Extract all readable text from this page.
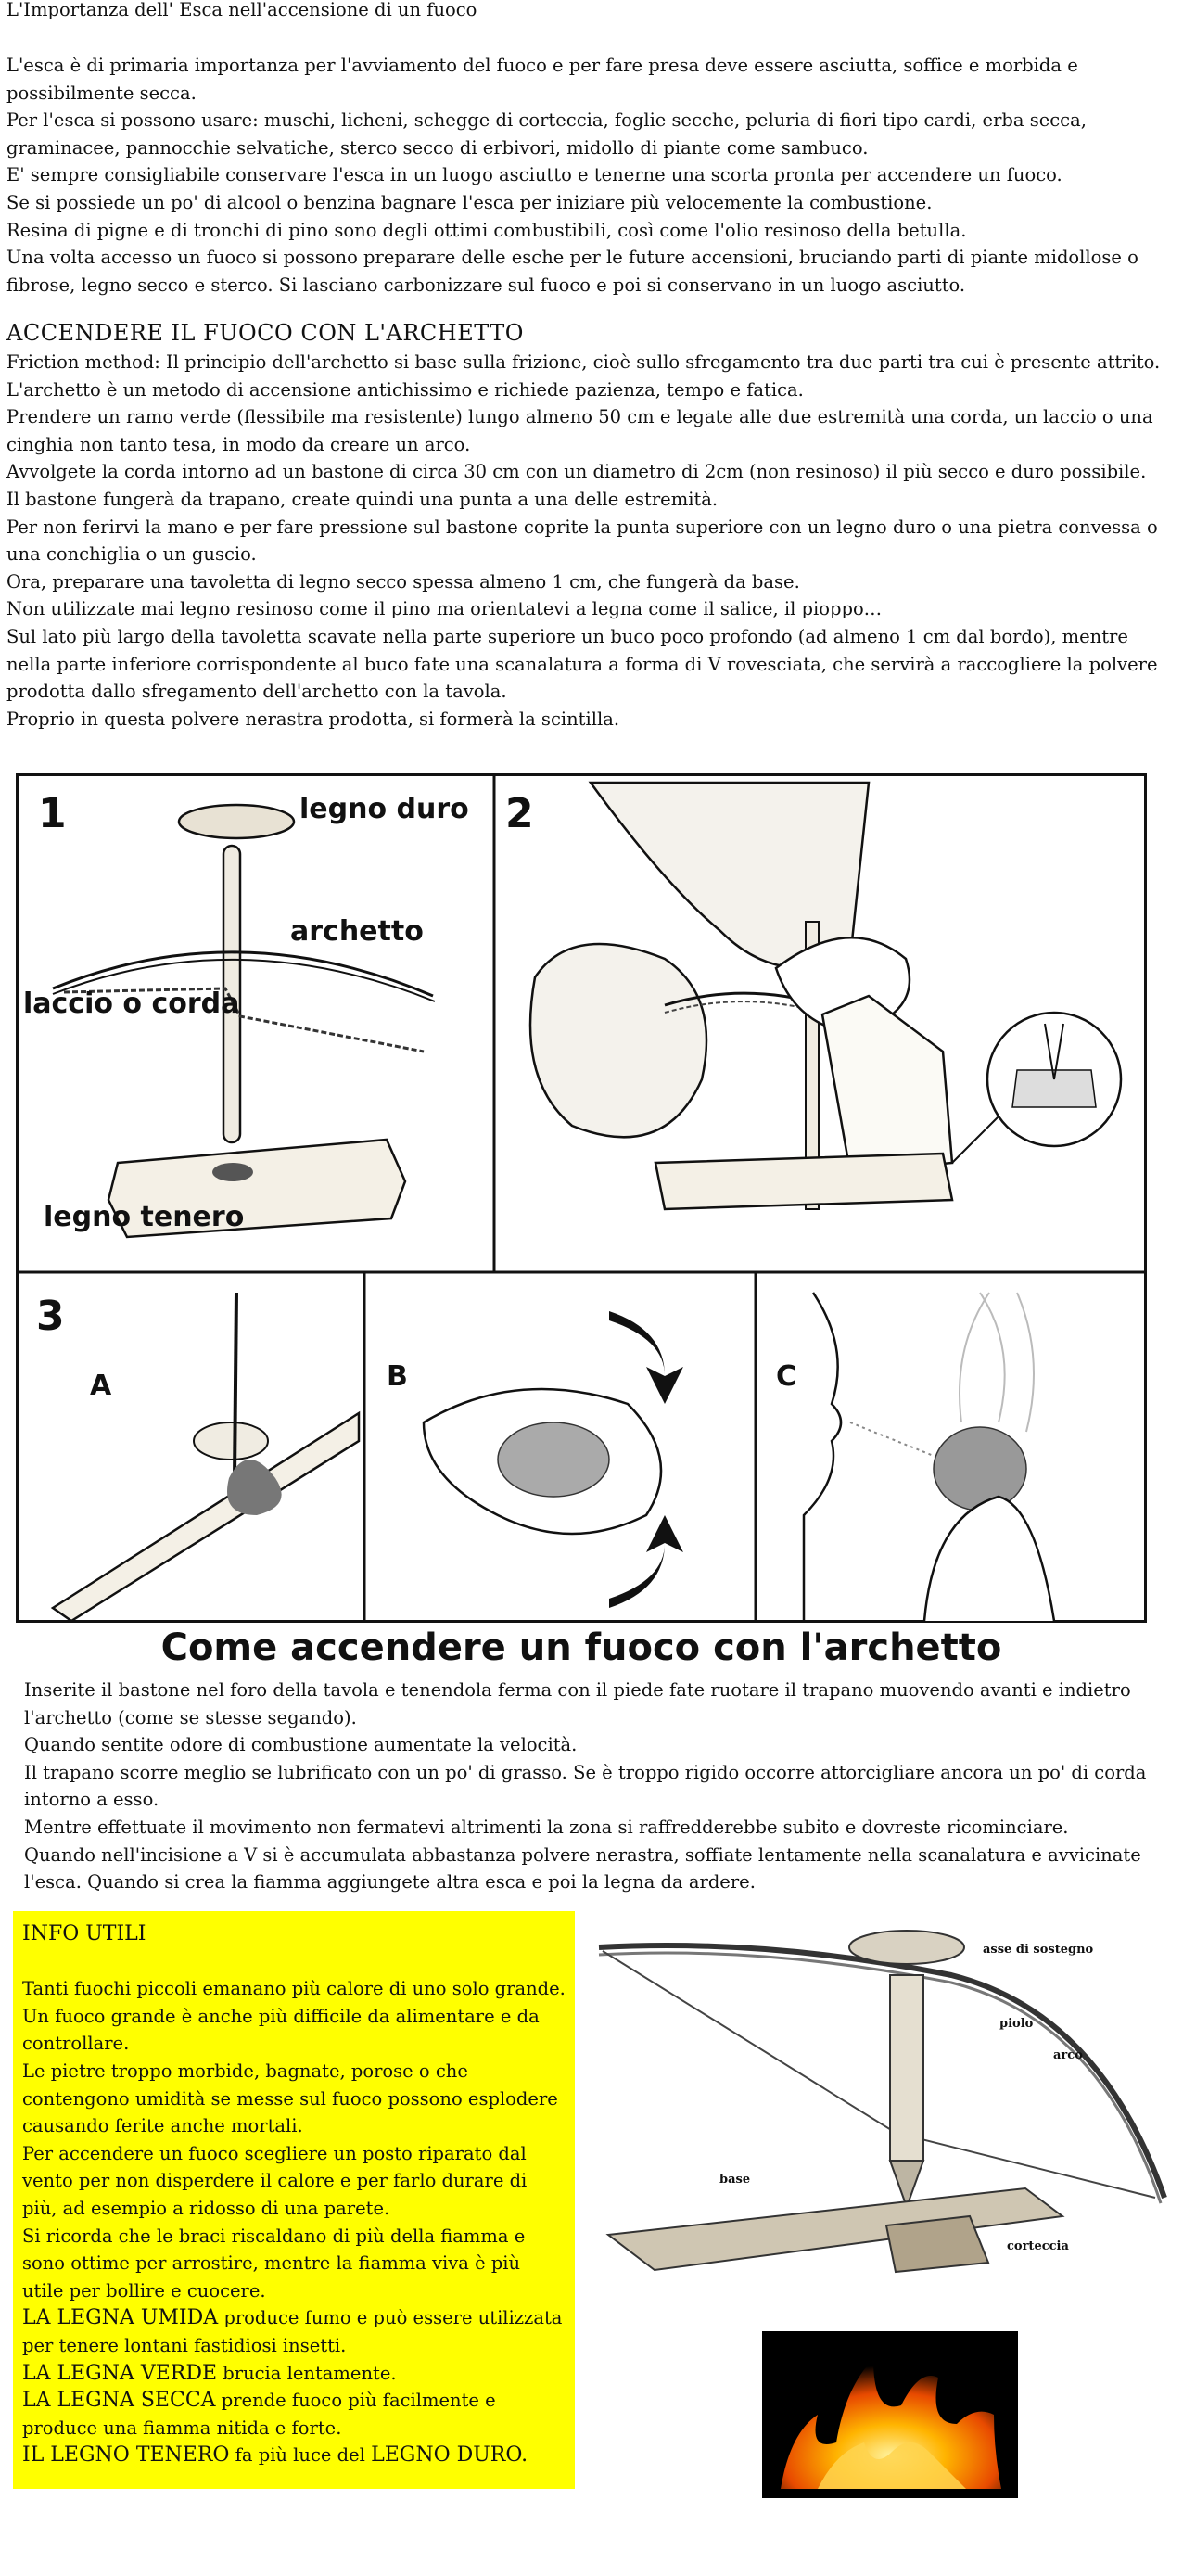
L'Importanza dell' Esca nell'accensione di un fuoco

L'esca è di primaria importanza per l'avviamento del fuoco e per fare presa deve essere asciutta, soffice e morbida e possibilmente secca.

Per l'esca si possono usare: muschi, licheni, schegge di corteccia, foglie secche, peluria di fiori tipo cardi, erba secca, graminacee, pannocchie selvatiche, sterco secco di erbivori, midollo di piante come sambuco.

E' sempre consigliabile conservare l'esca in un luogo asciutto e tenerne una scorta pronta per accendere un fuoco.

Se si possiede un po' di alcool o benzina bagnare l'esca per iniziare più velocemente la combustione.

Resina di pigne e di tronchi di pino sono degli ottimi combustibili, così come l'olio resinoso della betulla.

Una volta accesso un fuoco si possono preparare delle esche per le future accensioni, bruciando parti di piante midollose o fibrose, legno secco e sterco. Si lasciano carbonizzare sul fuoco e poi si conservano in un luogo asciutto.

ACCENDERE IL FUOCO CON L'ARCHETTO

Friction method: Il principio dell'archetto si base sulla frizione, cioè sullo sfregamento tra due parti tra cui è presente attrito.

L'archetto è un metodo di accensione antichissimo e richiede pazienza, tempo e fatica.

Prendere un ramo verde (flessibile ma resistente) lungo almeno 50 cm e legate alle due estremità una corda, un laccio o una cinghia non tanto tesa, in modo da creare un arco.

Avvolgete la corda intorno ad un bastone di circa 30 cm con un diametro di 2cm (non resinoso) il più secco e duro possibile.

Il bastone fungerà da trapano, create quindi una punta a una delle estremità.

Per non ferirvi la mano e per fare pressione sul bastone coprite la punta superiore con un legno duro o una pietra convessa o una conchiglia o un guscio.

Ora, preparare una tavoletta di legno secco spessa almeno 1 cm, che fungerà da base.

Non utilizzate mai legno resinoso come il pino ma orientatevi a legna come il salice, il pioppo…

Sul lato più largo della tavoletta scavate nella parte superiore un buco poco profondo (ad almeno 1 cm dal bordo), mentre nella parte inferiore corrispondente al buco fate una scanalatura a forma di V rovesciata, che servirà a raccogliere la polvere prodotta dallo sfregamento dell'archetto con la tavola.

Proprio in questa polvere nerastra prodotta, si formerà la scintilla.

1	legno duro
archetto
laccio o corda
legno tenero
2
3
A	B	C

Come accendere un fuoco con l'archetto

Inserite il bastone nel foro della tavola e tenendola ferma con il piede fate ruotare il trapano muovendo avanti e indietro l'archetto (come se stesse segando).

Quando sentite odore di combustione aumentate la velocità.

Il trapano scorre meglio se lubrificato con un po' di grasso. Se è troppo rigido occorre attorcigliare ancora un po' di corda intorno a esso.

Mentre effettuate il movimento non fermatevi altrimenti la zona si raffredderebbe subito e dovreste ricominciare.

Quando nell'incisione a V si è accumulata abbastanza polvere nerastra, soffiate lentamente nella scanalatura e avvicinate l'esca. Quando si crea la fiamma aggiungete altra esca e poi la legna da ardere.

INFO UTILI

Tanti fuochi piccoli emanano più calore di uno solo grande.

Un fuoco grande è anche più difficile da alimentare e da controllare.

Le pietre troppo morbide, bagnate, porose o che contengono umidità se messe sul fuoco possono esplodere causando ferite anche mortali.

Per accendere un fuoco scegliere un posto riparato dal vento per non disperdere il calore e per farlo durare di più, ad esempio a ridosso di una parete.

Si ricorda che le braci riscaldano di più della fiamma e sono ottime per arrostire, mentre la fiamma viva è più utile per bollire e cuocere.

LA LEGNA UMIDA produce fumo e può essere utilizzata per tenere lontani fastidiosi insetti.

LA LEGNA VERDE brucia lentamente.

LA LEGNA SECCA prende fuoco più facilmente e produce una fiamma nitida e forte.

IL LEGNO TENERO fa più luce del LEGNO DURO.

asse di sostegno
piolo
arco
base
corteccia
